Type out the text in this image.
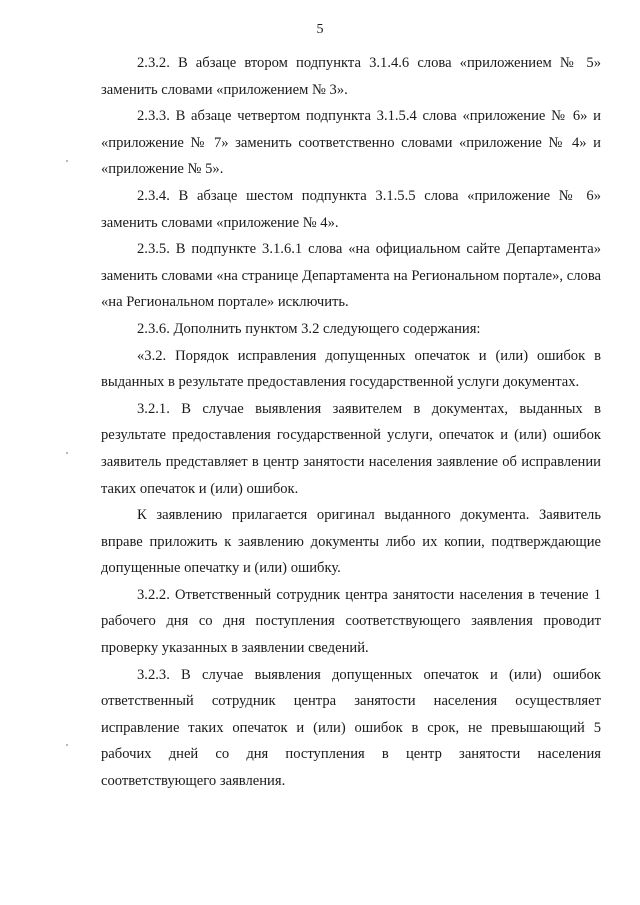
5

2.3.2. В абзаце втором подпункта 3.1.4.6 слова «приложением № 5» заменить словами «приложением № 3».

2.3.3. В абзаце четвертом подпункта 3.1.5.4 слова «приложение № 6» и «приложение № 7» заменить соответственно словами «приложение № 4» и «приложение № 5».

2.3.4. В абзаце шестом подпункта 3.1.5.5 слова «приложение № 6» заменить словами «приложение № 4».

2.3.5. В подпункте 3.1.6.1 слова «на официальном сайте Департамента» заменить словами «на странице Департамента на Региональном портале», слова «на Региональном портале» исключить.

2.3.6. Дополнить пунктом 3.2 следующего содержания:

«3.2. Порядок исправления допущенных опечаток и (или) ошибок в выданных в результате предоставления государственной услуги документах.

3.2.1. В случае выявления заявителем в документах, выданных в результате предоставления государственной услуги, опечаток и (или) ошибок заявитель представляет в центр занятости населения заявление об исправлении таких опечаток и (или) ошибок.

К заявлению прилагается оригинал выданного документа. Заявитель вправе приложить к заявлению документы либо их копии, подтверждающие допущенные опечатку и (или) ошибку.

3.2.2. Ответственный сотрудник центра занятости населения в течение 1 рабочего дня со дня поступления соответствующего заявления проводит проверку указанных в заявлении сведений.

3.2.3. В случае выявления допущенных опечаток и (или) ошибок ответственный сотрудник центра занятости населения осуществляет исправление таких опечаток и (или) ошибок в срок, не превышающий 5 рабочих дней со дня поступления в центр занятости населения соответствующего заявления.
